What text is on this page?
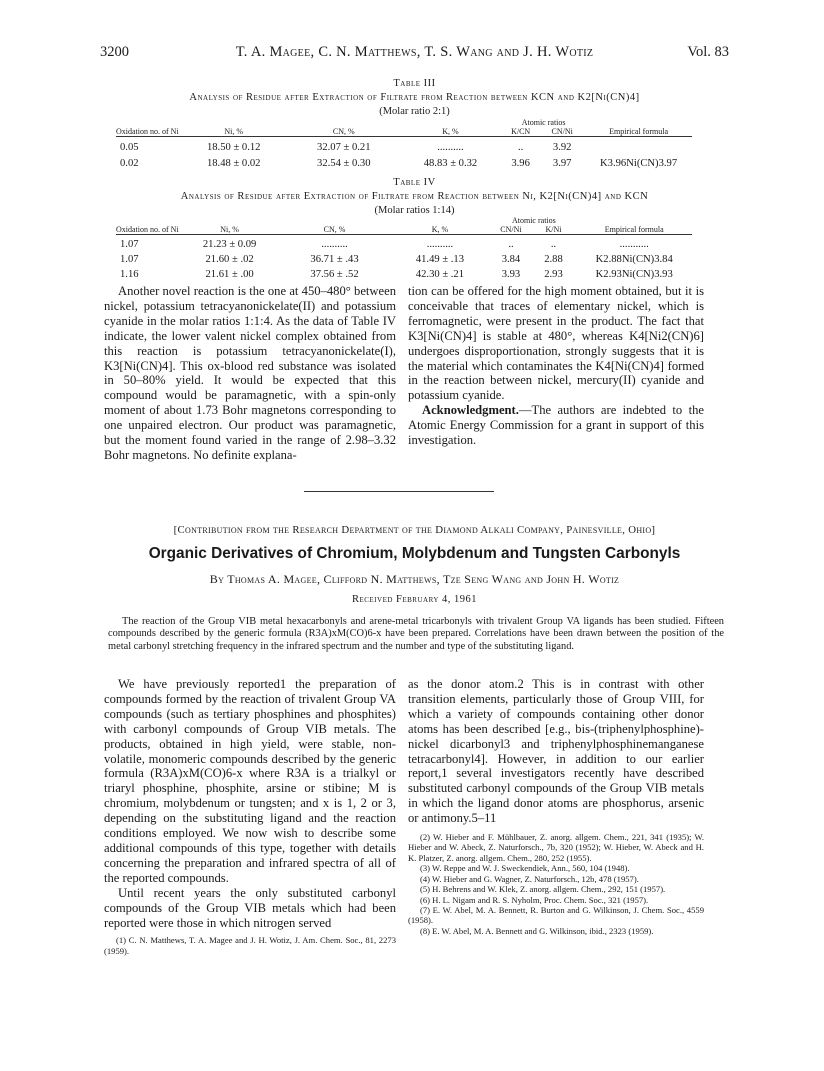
3200	T. A. Magee, C. N. Matthews, T. S. Wang and J. H. Wotiz	Vol. 83
Table III
Analysis of Residue after Extraction of Filtrate from Reaction between KCN and K2[Ni(CN)4]
(Molar ratio 2:1)
				Atomic ratios		
Oxidation no. of Ni	Ni, %	CN, %	K, %	K/CN	CN/Ni	Empirical formula
0.05	18.50 ± 0.12	32.07 ± 0.21	..........	..	3.92	
0.02	18.48 ± 0.02	32.54 ± 0.30	48.83 ± 0.32	3.96	3.97	K3.96Ni(CN)3.97
Table IV
Analysis of Residue after Extraction of Filtrate from Reaction between Ni, K2[Ni(CN)4] and KCN
(Molar ratios 1:14)
				Atomic ratios		
Oxidation no. of Ni	Ni, %	CN, %	K, %	CN/Ni	K/Ni	Empirical formula
1.07	21.23 ± 0.09	..........	..........	..	..	...........
1.07	21.60 ± .02	36.71 ± .43	41.49 ± .13	3.84	2.88	K2.88Ni(CN)3.84
1.16	21.61 ± .00	37.56 ± .52	42.30 ± .21	3.93	2.93	K2.93Ni(CN)3.93

Another novel reaction is the one at 450–480° between nickel, potassium tetracyanonickelate(II) and potassium cyanide in the molar ratios 1:1:4. As the data of Table IV indicate, the lower valent nickel complex obtained from this reaction is potassium tetracyanonickelate(I), K3[Ni(CN)4]. This ox-blood red substance was isolated in 50–80% yield. It would be expected that this compound would be paramagnetic, with a spin-only moment of about 1.73 Bohr magnetons corresponding to one unpaired electron. Our product was paramagnetic, but the moment found varied in the range of 2.98–3.32 Bohr magnetons. No definite explana-

tion can be offered for the high moment obtained, but it is conceivable that traces of elementary nickel, which is ferromagnetic, were present in the product. The fact that K3[Ni(CN)4] is stable at 480°, whereas K4[Ni2(CN)6] undergoes disproportionation, strongly suggests that it is the material which contaminates the K4[Ni(CN)4] formed in the reaction between nickel, mercury(II) cyanide and potassium cyanide.

Acknowledgment.—The authors are indebted to the Atomic Energy Commission for a grant in support of this investigation.

[Contribution from the Research Department of the Diamond Alkali Company, Painesville, Ohio]
Organic Derivatives of Chromium, Molybdenum and Tungsten Carbonyls
By Thomas A. Magee, Clifford N. Matthews, Tze Seng Wang and John H. Wotiz
Received February 4, 1961
The reaction of the Group VIB metal hexacarbonyls and arene-metal tricarbonyls with trivalent Group VA ligands has been studied. Fifteen compounds described by the generic formula (R3A)xM(CO)6-x have been prepared. Correlations have been drawn between the position of the metal carbonyl stretching frequency in the infrared spectrum and the number and type of the substituting ligand.

We have previously reported1 the preparation of compounds formed by the reaction of trivalent Group VA compounds (such as tertiary phosphines and phosphites) with carbonyl compounds of Group VIB metals. The products, obtained in high yield, were stable, non-volatile, monomeric compounds described by the generic formula (R3A)xM(CO)6-x where R3A is a trialkyl or triaryl phosphine, phosphite, arsine or stibine; M is chromium, molybdenum or tungsten; and x is 1, 2 or 3, depending on the substituting ligand and the reaction conditions employed. We now wish to describe some additional compounds of this type, together with details concerning the preparation and infrared spectra of all of the reported compounds.

Until recent years the only substituted carbonyl compounds of the Group VIB metals which had been reported were those in which nitrogen served

(1) C. N. Matthews, T. A. Magee and J. H. Wotiz, J. Am. Chem. Soc., 81, 2273 (1959).

as the donor atom.2 This is in contrast with other transition elements, particularly those of Group VIII, for which a variety of compounds containing other donor atoms has been described [e.g., bis-(triphenylphosphine)-nickel dicarbonyl3 and triphenylphosphinemanganese tetracarbonyl4]. However, in addition to our earlier report,1 several investigators recently have described substituted carbonyl compounds of the Group VIB metals in which the ligand donor atoms are phosphorus, arsenic or antimony.5–11

(2) W. Hieber and F. Mühlbauer, Z. anorg. allgem. Chem., 221, 341 (1935); W. Hieber and W. Abeck, Z. Naturforsch., 7b, 320 (1952); W. Hieber, W. Abeck and H. K. Platzer, Z. anorg. allgem. Chem., 280, 252 (1955).

(3) W. Reppe and W. J. Sweckendiek, Ann., 560, 104 (1948).

(4) W. Hieber and G. Wagner, Z. Naturforsch., 12b, 478 (1957).

(5) H. Behrens and W. Klek, Z. anorg. allgem. Chem., 292, 151 (1957).

(6) H. L. Nigam and R. S. Nyholm, Proc. Chem. Soc., 321 (1957).

(7) E. W. Abel, M. A. Bennett, R. Burton and G. Wilkinson, J. Chem. Soc., 4559 (1958).

(8) E. W. Abel, M. A. Bennett and G. Wilkinson, ibid., 2323 (1959).
